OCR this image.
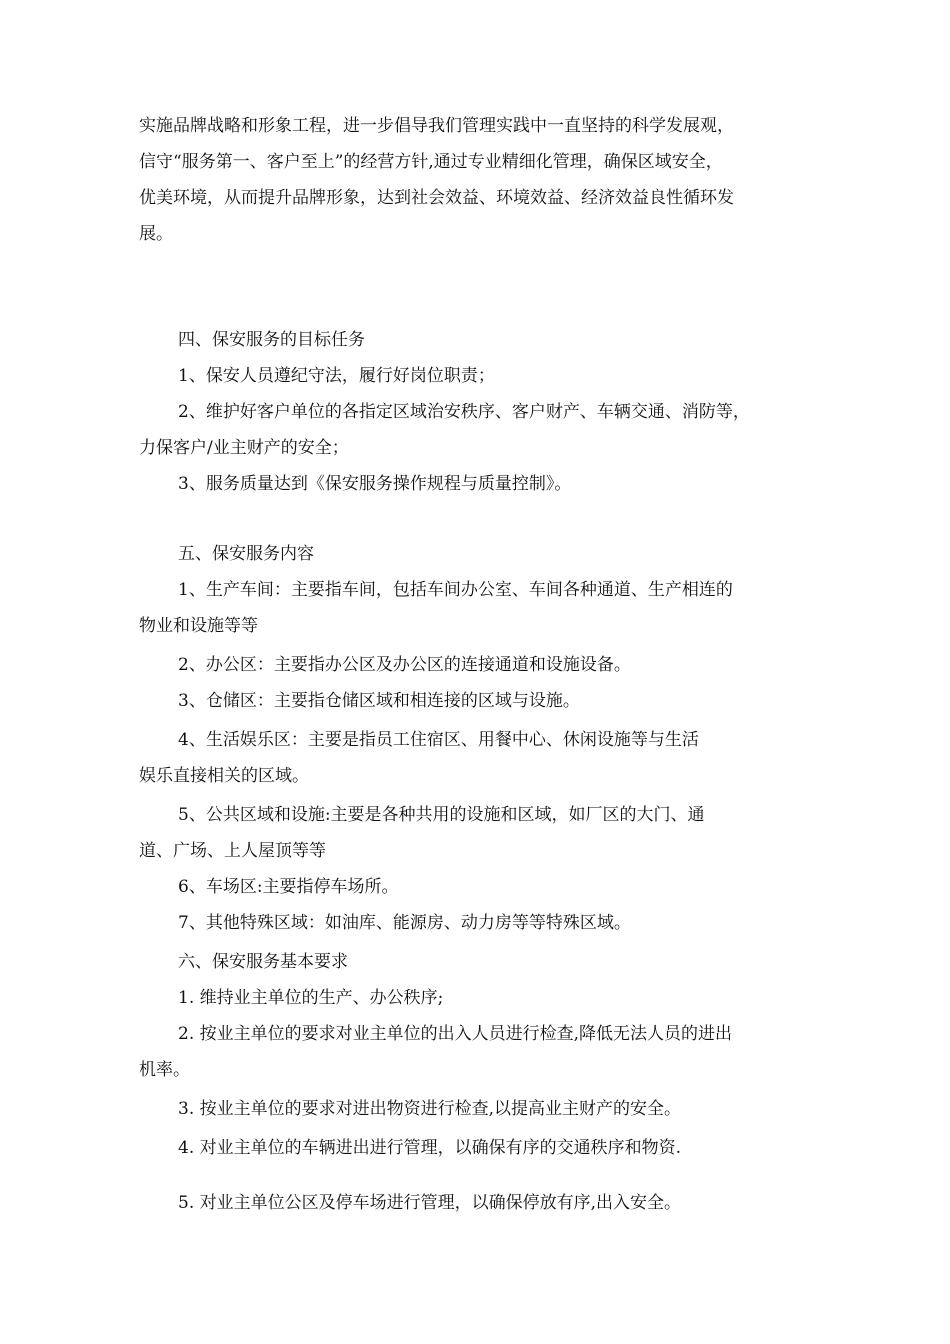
实施品牌战略和形象工程，进一步倡导我们管理实践中一直坚持的科学发展观，

信守“服务第一、客户至上”的经营方针,通过专业精细化管理，确保区域安全，

优美环境，从而提升品牌形象，达到社会效益、环境效益、经济效益良性循环发

展。

四、保安服务的目标任务

1、保安人员遵纪守法，履行好岗位职责；

2、维护好客户单位的各指定区域治安秩序、客户财产、车辆交通、消防等，

力保客户/业主财产的安全；

3、服务质量达到《保安服务操作规程与质量控制》。

五、保安服务内容

1、生产车间：主要指车间，包括车间办公室、车间各种通道、生产相连的

物业和设施等等

2、办公区：主要指办公区及办公区的连接通道和设施设备。

3、仓储区：主要指仓储区域和相连接的区域与设施。

4、生活娱乐区：主要是指员工住宿区、用餐中心、休闲设施等与生活

娱乐直接相关的区域。

5、公共区域和设施:主要是各种共用的设施和区域，如厂区的大门、通

道、广场、上人屋顶等等

6、车场区:主要指停车场所。

7、其他特殊区域：如油库、能源房、动力房等等特殊区域。

六、保安服务基本要求

1. 维持业主单位的生产、办公秩序;

2. 按业主单位的要求对业主单位的出入人员进行检查,降低无法人员的进出

机率。

3. 按业主单位的要求对进出物资进行检查,以提高业主财产的安全。

4. 对业主单位的车辆进出进行管理，以确保有序的交通秩序和物资.

5. 对业主单位公区及停车场进行管理，以确保停放有序,出入安全。
